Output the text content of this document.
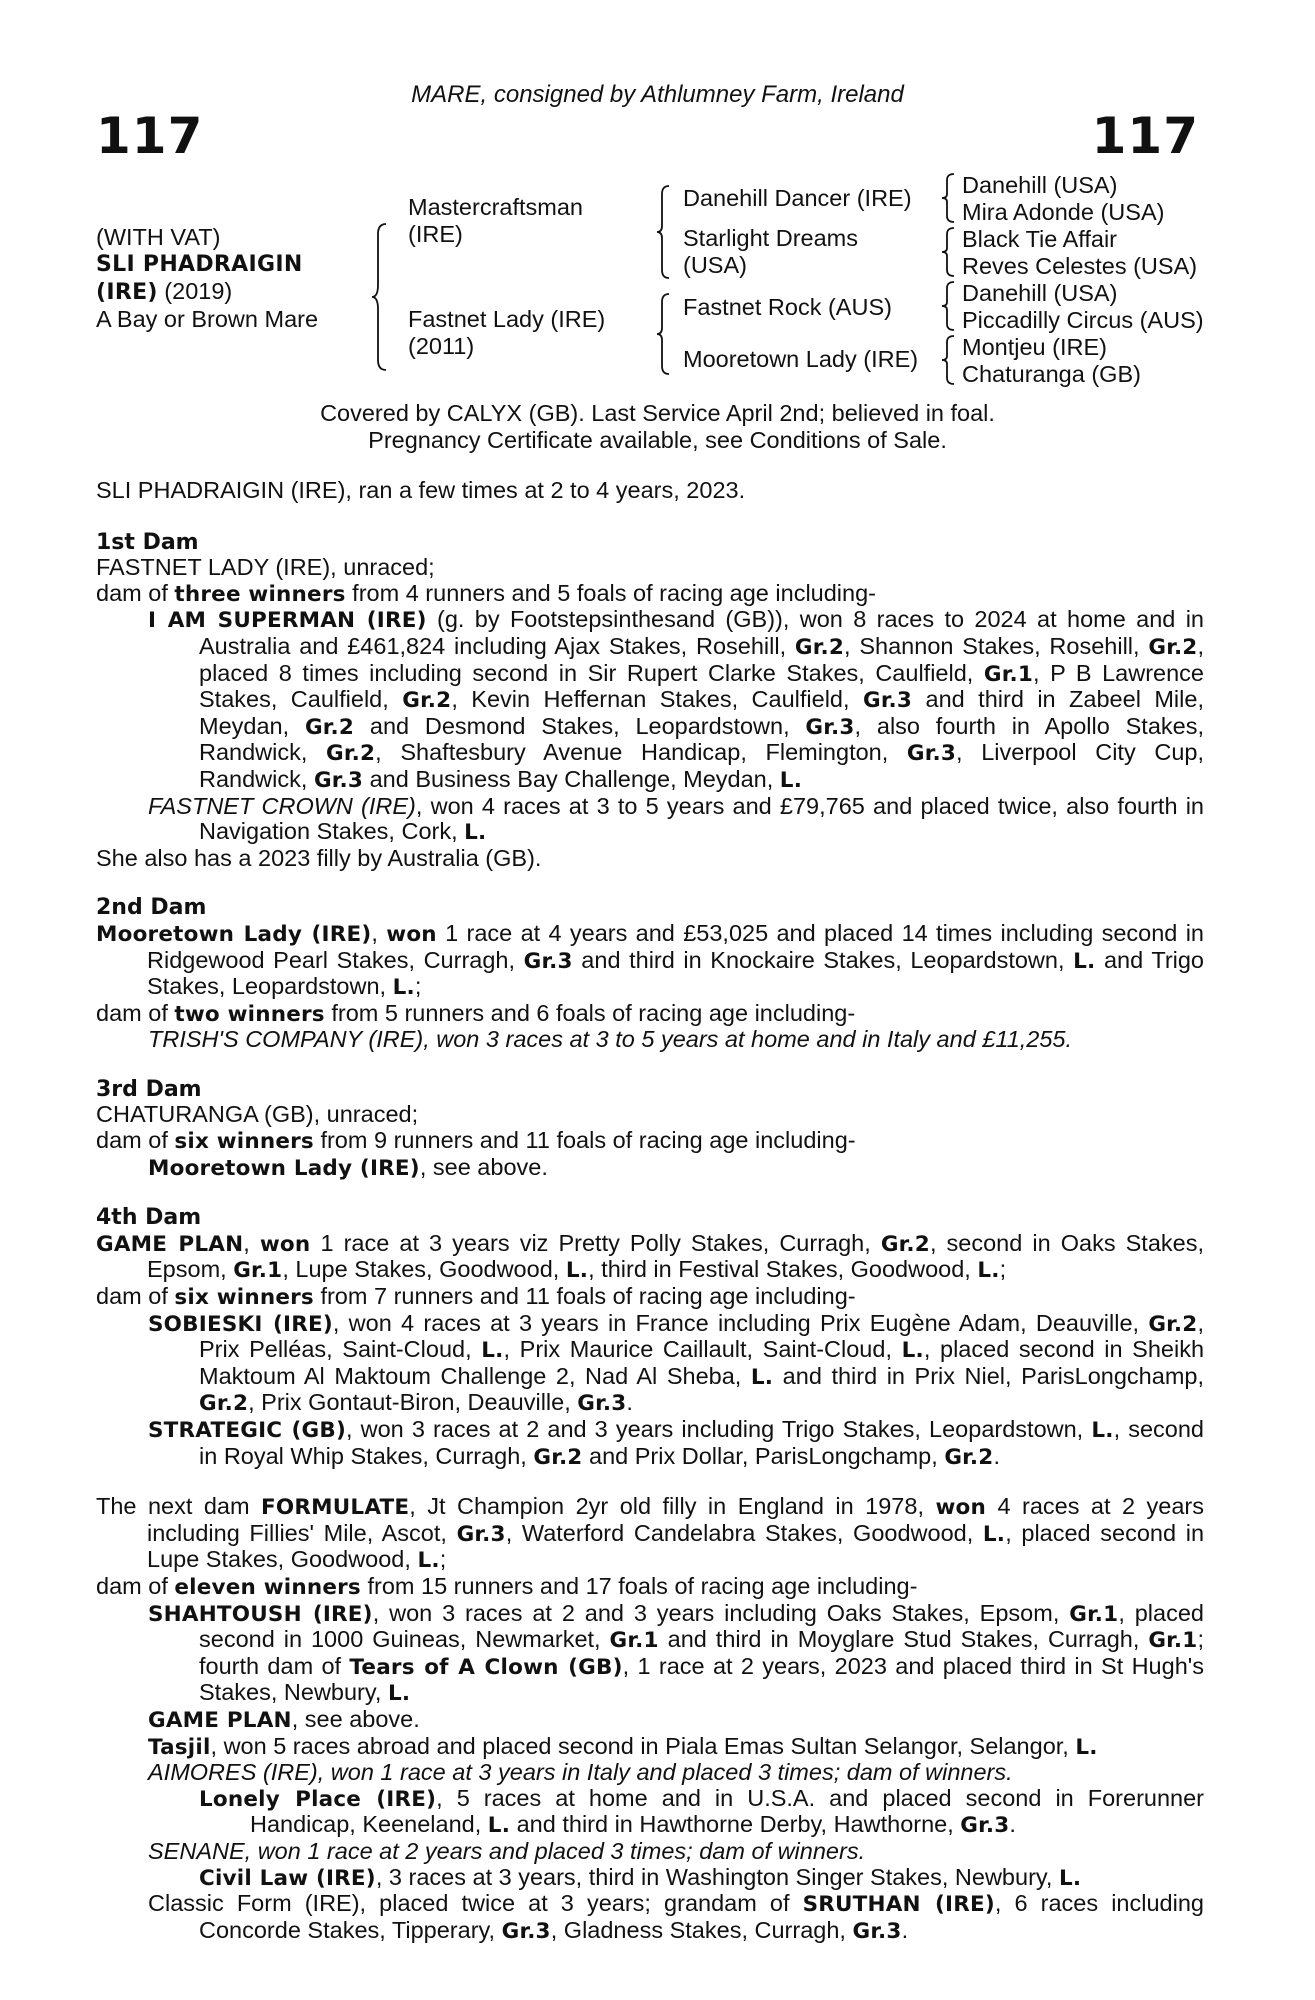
MARE, consigned by Athlumney Farm, Ireland
117	117
Mastercraftsman
(IRE)
Fastnet Lady (IRE)
(2011)
Danehill Dancer (IRE)
Starlight Dreams
(USA)
Fastnet Rock (AUS)
Mooretown Lady (IRE)
Danehill (USA)
Mira Adonde (USA)
Black Tie Affair
Reves Celestes (USA)
Danehill (USA)
Piccadilly Circus (AUS)
Montjeu (IRE)
Chaturanga (GB)
(WITH VAT)
SLI PHADRAIGIN
(IRE) (2019)
A Bay or Brown Mare
Covered by CALYX (GB). Last Service April 2nd; believed in foal.
Pregnancy Certificate available, see Conditions of Sale.

SLI PHADRAIGIN (IRE), ran a few times at 2 to 4 years, 2023.

1st Dam

FASTNET LADY (IRE), unraced;

dam of three winners from 4 runners and 5 foals of racing age including-

I AM SUPERMAN (IRE) (g. by Footstepsinthesand (GB)), won 8 races to 2024 at home and in Australia and £461,824 including Ajax Stakes, Rosehill, Gr.2, Shannon Stakes, Rosehill, Gr.2, placed 8 times including second in Sir Rupert Clarke Stakes, Caulfield, Gr.1, P B Lawrence Stakes, Caulfield, Gr.2, Kevin Heffernan Stakes, Caulfield, Gr.3 and third in Zabeel Mile, Meydan, Gr.2 and Desmond Stakes, Leopardstown, Gr.3, also fourth in Apollo Stakes, Randwick, Gr.2, Shaftesbury Avenue Handicap, Flemington, Gr.3, Liverpool City Cup, Randwick, Gr.3 and Business Bay Challenge, Meydan, L.

FASTNET CROWN (IRE), won 4 races at 3 to 5 years and £79,765 and placed twice, also fourth in Navigation Stakes, Cork, L.

She also has a 2023 filly by Australia (GB).

2nd Dam

Mooretown Lady (IRE), won 1 race at 4 years and £53,025 and placed 14 times including second in Ridgewood Pearl Stakes, Curragh, Gr.3 and third in Knockaire Stakes, Leopardstown, L. and Trigo Stakes, Leopardstown, L.;

dam of two winners from 5 runners and 6 foals of racing age including-

TRISH'S COMPANY (IRE), won 3 races at 3 to 5 years at home and in Italy and £11,255.

3rd Dam

CHATURANGA (GB), unraced;

dam of six winners from 9 runners and 11 foals of racing age including-

Mooretown Lady (IRE), see above.

4th Dam

GAME PLAN, won 1 race at 3 years viz Pretty Polly Stakes, Curragh, Gr.2, second in Oaks Stakes, Epsom, Gr.1, Lupe Stakes, Goodwood, L., third in Festival Stakes, Goodwood, L.;

dam of six winners from 7 runners and 11 foals of racing age including-

SOBIESKI (IRE), won 4 races at 3 years in France including Prix Eugène Adam, Deauville, Gr.2, Prix Pelléas, Saint-Cloud, L., Prix Maurice Caillault, Saint-Cloud, L., placed second in Sheikh Maktoum Al Maktoum Challenge 2, Nad Al Sheba, L. and third in Prix Niel, ParisLongchamp, Gr.2, Prix Gontaut-Biron, Deauville, Gr.3.

STRATEGIC (GB), won 3 races at 2 and 3 years including Trigo Stakes, Leopardstown, L., second in Royal Whip Stakes, Curragh, Gr.2 and Prix Dollar, ParisLongchamp, Gr.2.

The next dam FORMULATE, Jt Champion 2yr old filly in England in 1978, won 4 races at 2 years including Fillies' Mile, Ascot, Gr.3, Waterford Candelabra Stakes, Goodwood, L., placed second in Lupe Stakes, Goodwood, L.;

dam of eleven winners from 15 runners and 17 foals of racing age including-

SHAHTOUSH (IRE), won 3 races at 2 and 3 years including Oaks Stakes, Epsom, Gr.1, placed second in 1000 Guineas, Newmarket, Gr.1 and third in Moyglare Stud Stakes, Curragh, Gr.1; fourth dam of Tears of A Clown (GB), 1 race at 2 years, 2023 and placed third in St Hugh's Stakes, Newbury, L.

GAME PLAN, see above.

Tasjil, won 5 races abroad and placed second in Piala Emas Sultan Selangor, Selangor, L.

AIMORES (IRE), won 1 race at 3 years in Italy and placed 3 times; dam of winners.

Lonely Place (IRE), 5 races at home and in U.S.A. and placed second in Forerunner Handicap, Keeneland, L. and third in Hawthorne Derby, Hawthorne, Gr.3.

SENANE, won 1 race at 2 years and placed 3 times; dam of winners.

Civil Law (IRE), 3 races at 3 years, third in Washington Singer Stakes, Newbury, L.

Classic Form (IRE), placed twice at 3 years; grandam of SRUTHAN (IRE), 6 races including Concorde Stakes, Tipperary, Gr.3, Gladness Stakes, Curragh, Gr.3.
